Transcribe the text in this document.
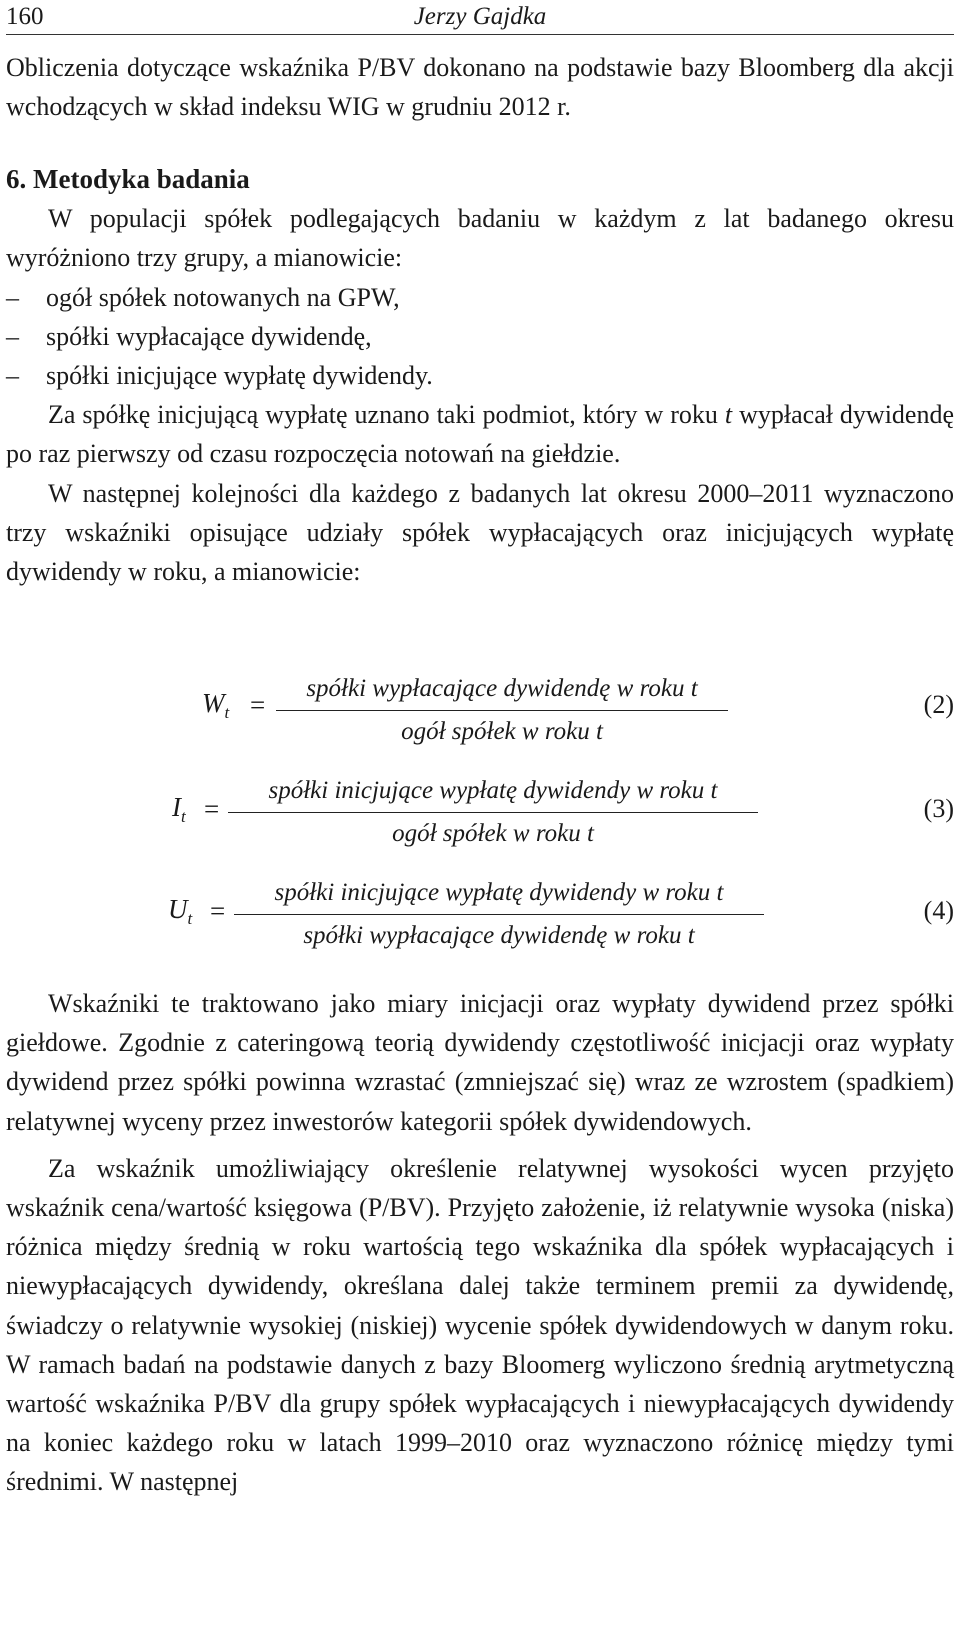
160	Jerzy Gajdka

Obliczenia dotyczące wskaźnika P/BV dokonano na podstawie bazy Bloomberg dla akcji wchodzących w skład indeksu WIG w grudniu 2012 r.

6. Metodyka badania

W populacji spółek podlegających badaniu w każdym z lat badanego okresu wyróżniono trzy grupy, a mianowicie:

– ogół spółek notowanych na GPW,
– spółki wypłacające dywidendę,
– spółki inicjujące wypłatę dywidendy.

Za spółkę inicjującą wypłatę uznano taki podmiot, który w roku t wypłacał dywidendę po raz pierwszy od czasu rozpoczęcia notowań na giełdzie.

W następnej kolejności dla każdego z badanych lat okresu 2000–2011 wyznaczono trzy wskaźniki opisujące udziały spółek wypłacających oraz inicjujących wypłatę dywidendy w roku, a mianowicie:

$W_t$ =
spółki wypłacające dywidendę w roku t
ogół spółek w roku t
(2)
$I_t$ =
spółki inicjujące wypłatę dywidendy w roku t
ogół spółek w roku t
(3)
$U_t$ =
spółki inicjujące wypłatę dywidendy w roku t
spółki wypłacające dywidendę w roku t
(4)

Wskaźniki te traktowano jako miary inicjacji oraz wypłaty dywidend przez spółki giełdowe. Zgodnie z cateringową teorią dywidendy częstotliwość inicjacji oraz wypłaty dywidend przez spółki powinna wzrastać (zmniejszać się) wraz ze wzrostem (spadkiem) relatywnej wyceny przez inwestorów kategorii spółek dywidendowych.

Za wskaźnik umożliwiający określenie relatywnej wysokości wycen przyjęto wskaźnik cena/wartość księgowa (P/BV). Przyjęto założenie, iż relatywnie wysoka (niska) różnica między średnią w roku wartością tego wskaźnika dla spółek wypłacających i niewypłacających dywidendy, określana dalej także terminem premii za dywidendę, świadczy o relatywnie wysokiej (niskiej) wycenie spółek dywidendowych w danym roku. W ramach badań na podstawie danych z bazy Bloomerg wyliczono średnią arytmetyczną wartość wskaźnika P/BV dla grupy spółek wypłacających i niewypłacających dywidendy na koniec każdego roku w latach 1999–2010 oraz wyznaczono różnicę między tymi średnimi. W następnej
